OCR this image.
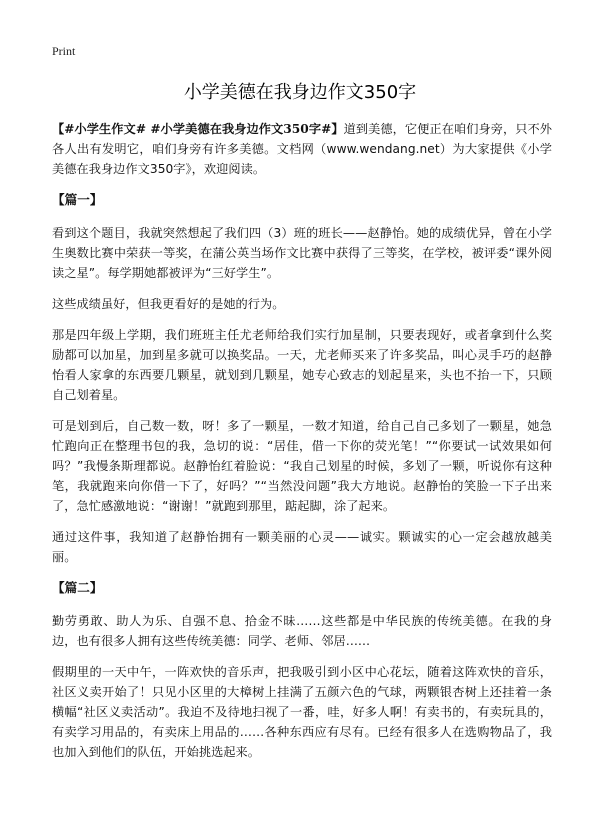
Print
小学美德在我身边作文350字

【#小学生作文# #小学美德在我身边作文350字#】道到美德，它便正在咱们身旁，只不外各人出有发明它，咱们身旁有许多美德。文档网（www.wendang.net）为大家提供《小学美德在我身边作文350字》，欢迎阅读。

【篇一】

看到这个题目，我就突然想起了我们四（3）班的班长——赵静怡。她的成绩优异，曾在小学生奥数比赛中荣获一等奖，在蒲公英当场作文比赛中获得了三等奖，在学校，被评委“课外阅读之星”。每学期她都被评为“三好学生”。

这些成绩虽好，但我更看好的是她的行为。

那是四年级上学期，我们班班主任尤老师给我们实行加星制，只要表现好，或者拿到什么奖励都可以加星，加到星多就可以换奖品。一天，尤老师买来了许多奖品，叫心灵手巧的赵静怡看人家拿的东西要几颗星，就划到几颗星，她专心致志的划起星来，头也不抬一下，只顾自己划着星。

可是划到后，自己数一数，呀！多了一颗星，一数才知道，给自己自己多划了一颗星，她急忙跑向正在整理书包的我，急切的说：“居佳，借一下你的荧光笔！”“你要试一试效果如何吗？”我慢条斯理都说。赵静怡红着脸说：“我自己划星的时候，多划了一颗，听说你有这种笔，我就跑来向你借一下了，好吗？”“当然没问题”我大方地说。赵静怡的笑脸一下子出来了，急忙感激地说：“谢谢！”就跑到那里，踮起脚，涂了起来。

通过这件事，我知道了赵静怡拥有一颗美丽的心灵——诚实。颗诚实的心一定会越放越美丽。

【篇二】

勤劳勇敢、助人为乐、自强不息、拾金不昧……这些都是中华民族的传统美德。在我的身边，也有很多人拥有这些传统美德：同学、老师、邻居……

假期里的一天中午，一阵欢快的音乐声，把我吸引到小区中心花坛，随着这阵欢快的音乐，社区义卖开始了！只见小区里的大樟树上挂满了五颜六色的气球，两颗银杏树上还挂着一条横幅“社区义卖活动”。我迫不及待地扫视了一番，哇，好多人啊！有卖书的，有卖玩具的，有卖学习用品的，有卖床上用品的……各种东西应有尽有。已经有很多人在选购物品了，我也加入到他们的队伍，开始挑选起来。
